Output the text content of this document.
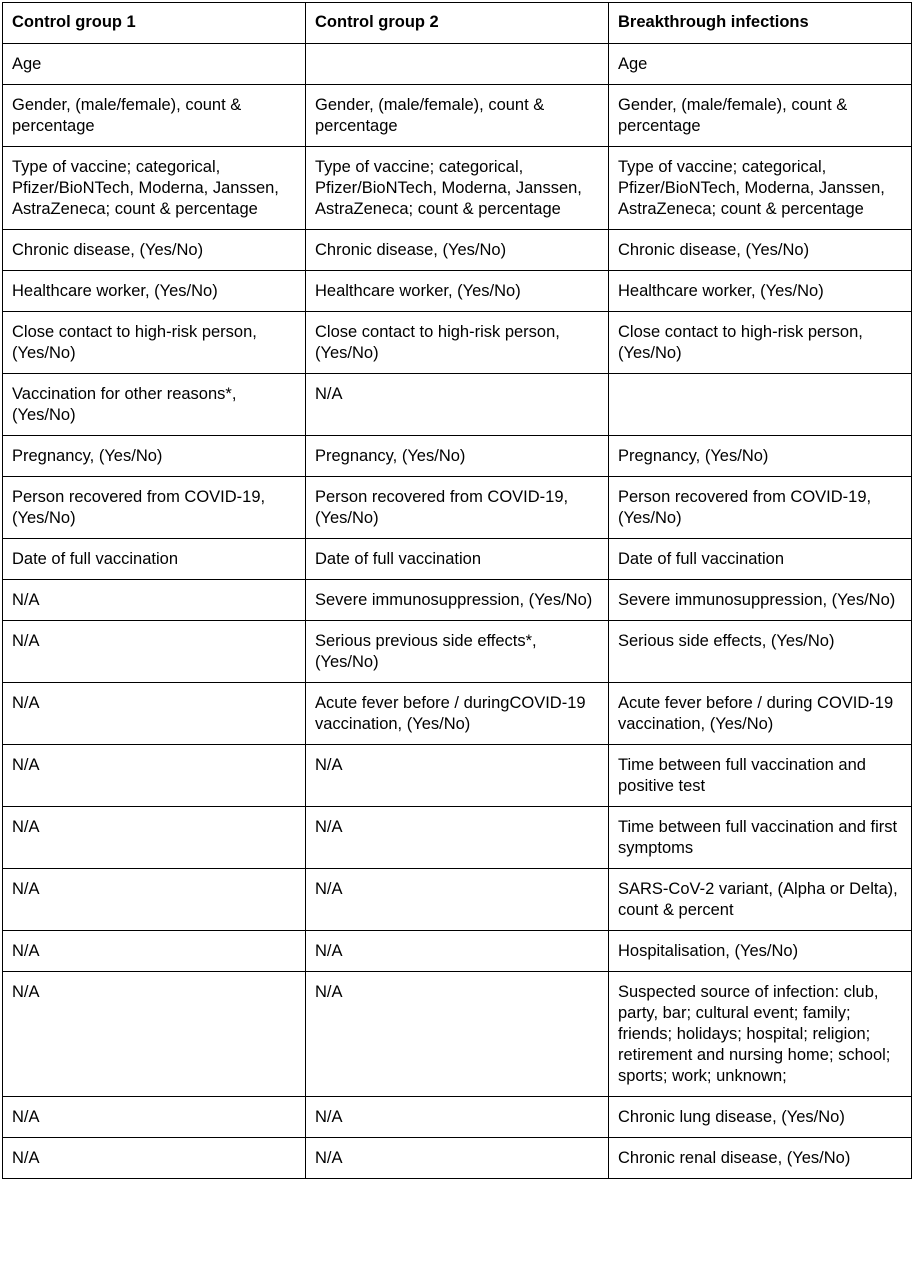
Control group 1	Control group 2	Breakthrough infections
Age		Age
Gender, (male/female), count & percentage	Gender, (male/female), count & percentage	Gender, (male/female), count & percentage
Type of vaccine; categorical, Pfizer/BioNTech, Moderna, Janssen, AstraZeneca; count & percentage	Type of vaccine; categorical, Pfizer/BioNTech, Moderna, Janssen, AstraZeneca; count & percentage	Type of vaccine; categorical, Pfizer/BioNTech, Moderna, Janssen, AstraZeneca; count & percentage
Chronic disease, (Yes/No)	Chronic disease, (Yes/No)	Chronic disease, (Yes/No)
Healthcare worker, (Yes/No)	Healthcare worker, (Yes/No)	Healthcare worker, (Yes/No)
Close contact to high-risk person, (Yes/No)	Close contact to high-risk person, (Yes/No)	Close contact to high-risk person, (Yes/No)
Vaccination for other reasons*, (Yes/No)	N/A	
Pregnancy, (Yes/No)	Pregnancy, (Yes/No)	Pregnancy, (Yes/No)
Person recovered from COVID-19, (Yes/No)	Person recovered from COVID-19, (Yes/No)	Person recovered from COVID-19, (Yes/No)
Date of full vaccination	Date of full vaccination	Date of full vaccination
N/A	Severe immunosuppression, (Yes/No)	Severe immunosuppression, (Yes/No)
N/A	Serious previous side effects*, (Yes/No)	Serious side effects, (Yes/No)
N/A	Acute fever before / duringCOVID-19 vaccination, (Yes/No)	Acute fever before / during COVID-19 vaccination, (Yes/No)
N/A	N/A	Time between full vaccination and positive test
N/A	N/A	Time between full vaccination and first symptoms
N/A	N/A	SARS-CoV-2 variant, (Alpha or Delta), count & percent
N/A	N/A	Hospitalisation, (Yes/No)
N/A	N/A	Suspected source of infection: club, party, bar; cultural event; family; friends; holidays; hospital; religion; retirement and nursing home; school; sports; work; unknown;
N/A	N/A	Chronic lung disease, (Yes/No)
N/A	N/A	Chronic renal disease, (Yes/No)
